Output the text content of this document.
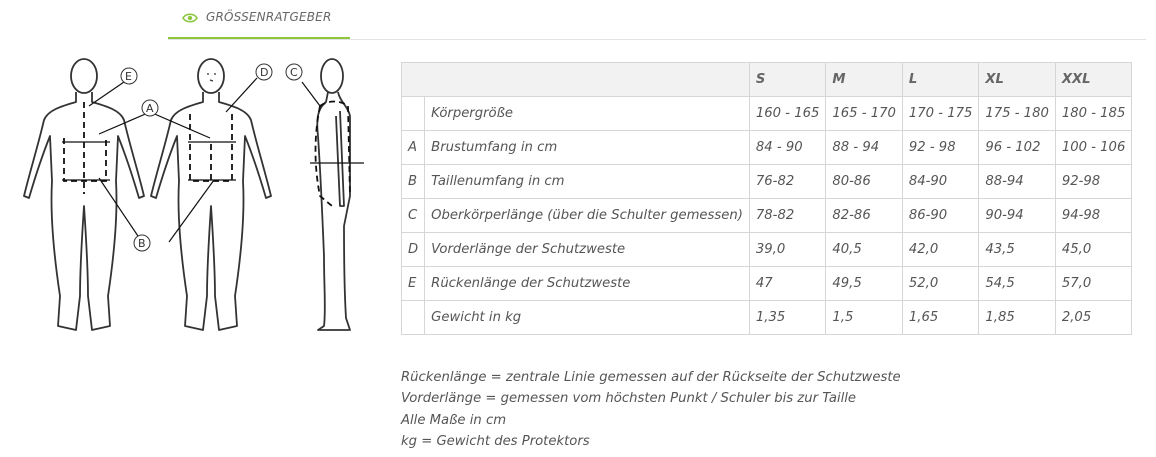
GRÖSSENRATGEBER
A
B
C
D
E
		S	M	L	XL	XXL
	Körpergröße	160 - 165	165 - 170	170 - 175	175 - 180	180 - 185
A	Brustumfang in cm	84 - 90	88 - 94	92 - 98	96 - 102	100 - 106
B	Taillenumfang in cm	76-82	80-86	84-90	88-94	92-98
C	Oberkörperlänge (über die Schulter gemessen)	78-82	82-86	86-90	90-94	94-98
D	Vorderlänge der Schutzweste	39,0	40,5	42,0	43,5	45,0
E	Rückenlänge der Schutzweste	47	49,5	52,0	54,5	57,0
	Gewicht in kg	1,35	1,5	1,65	1,85	2,05
Rückenlänge = zentrale Linie gemessen auf der Rückseite der Schutzweste
Vorderlänge = gemessen vom höchsten Punkt / Schuler bis zur Taille
Alle Maße in cm
kg = Gewicht des Protektors
